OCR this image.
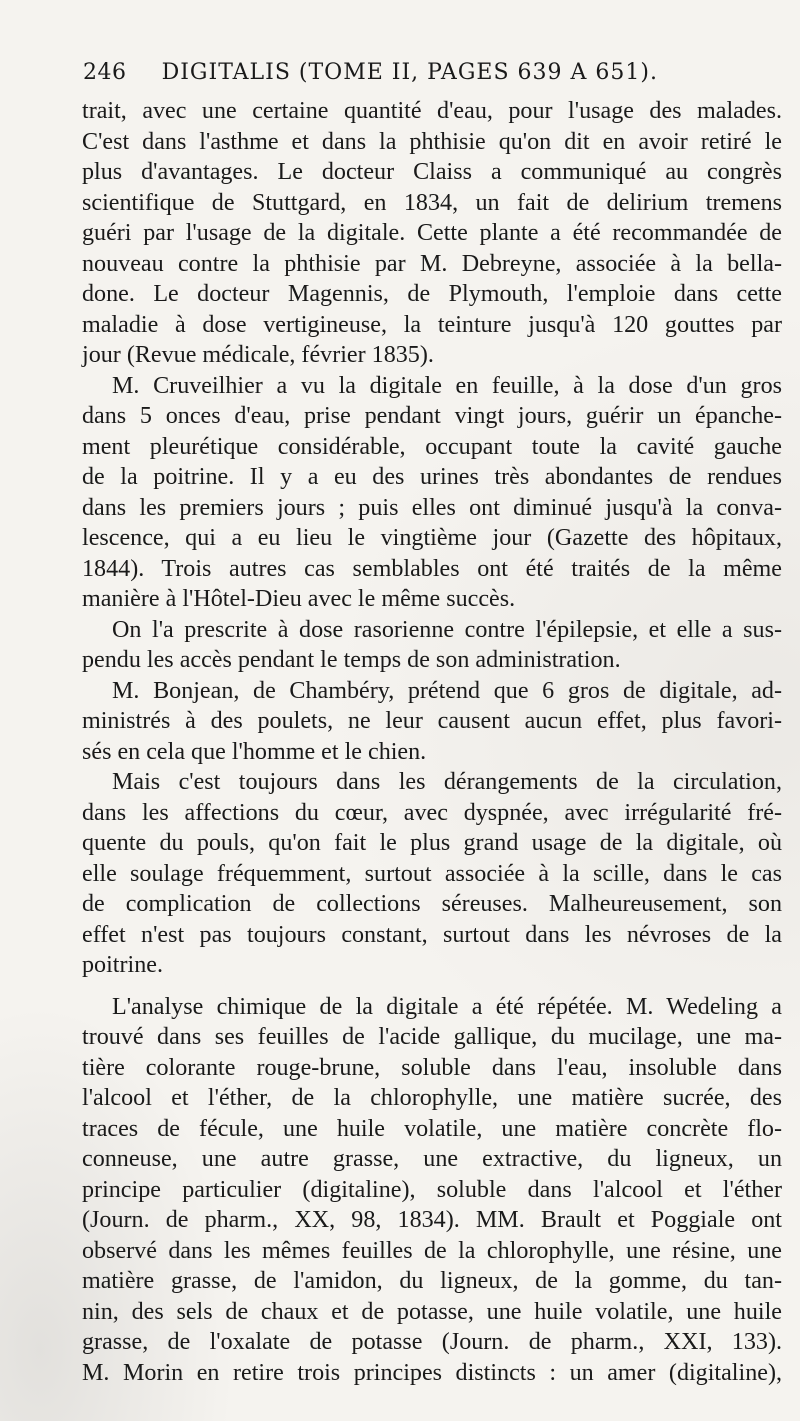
246 DIGITALIS (TOME II, PAGES 639 A 651).
trait, avec une certaine quantité d'eau, pour l'usage des malades.
C'est dans l'asthme et dans la phthisie qu'on dit en avoir retiré le
plus d'avantages. Le docteur Claiss a communiqué au congrès
scientifique de Stuttgard, en 1834, un fait de delirium tremens
guéri par l'usage de la digitale. Cette plante a été recommandée de
nouveau contre la phthisie par M. Debreyne, associée à la bella-
done. Le docteur Magennis, de Plymouth, l'emploie dans cette
maladie à dose vertigineuse, la teinture jusqu'à 120 gouttes par
jour (Revue médicale, février 1835).
M. Cruveilhier a vu la digitale en feuille, à la dose d'un gros
dans 5 onces d'eau, prise pendant vingt jours, guérir un épanche-
ment pleurétique considérable, occupant toute la cavité gauche
de la poitrine. Il y a eu des urines très abondantes de rendues
dans les premiers jours ; puis elles ont diminué jusqu'à la conva-
lescence, qui a eu lieu le vingtième jour (Gazette des hôpitaux,
1844). Trois autres cas semblables ont été traités de la même
manière à l'Hôtel-Dieu avec le même succès.
On l'a prescrite à dose rasorienne contre l'épilepsie, et elle a sus-
pendu les accès pendant le temps de son administration.
M. Bonjean, de Chambéry, prétend que 6 gros de digitale, ad-
ministrés à des poulets, ne leur causent aucun effet, plus favori-
sés en cela que l'homme et le chien.
Mais c'est toujours dans les dérangements de la circulation,
dans les affections du cœur, avec dyspnée, avec irrégularité fré-
quente du pouls, qu'on fait le plus grand usage de la digitale, où
elle soulage fréquemment, surtout associée à la scille, dans le cas
de complication de collections séreuses. Malheureusement, son
effet n'est pas toujours constant, surtout dans les névroses de la
poitrine.
L'analyse chimique de la digitale a été répétée. M. Wedeling a
trouvé dans ses feuilles de l'acide gallique, du mucilage, une ma-
tière colorante rouge-brune, soluble dans l'eau, insoluble dans
l'alcool et l'éther, de la chlorophylle, une matière sucrée, des
traces de fécule, une huile volatile, une matière concrète flo-
conneuse, une autre grasse, une extractive, du ligneux, un
principe particulier (digitaline), soluble dans l'alcool et l'éther
(Journ. de pharm., XX, 98, 1834). MM. Brault et Poggiale ont
observé dans les mêmes feuilles de la chlorophylle, une résine, une
matière grasse, de l'amidon, du ligneux, de la gomme, du tan-
nin, des sels de chaux et de potasse, une huile volatile, une huile
grasse, de l'oxalate de potasse (Journ. de pharm., XXI, 133).
M. Morin en retire trois principes distincts : un amer (digitaline),
